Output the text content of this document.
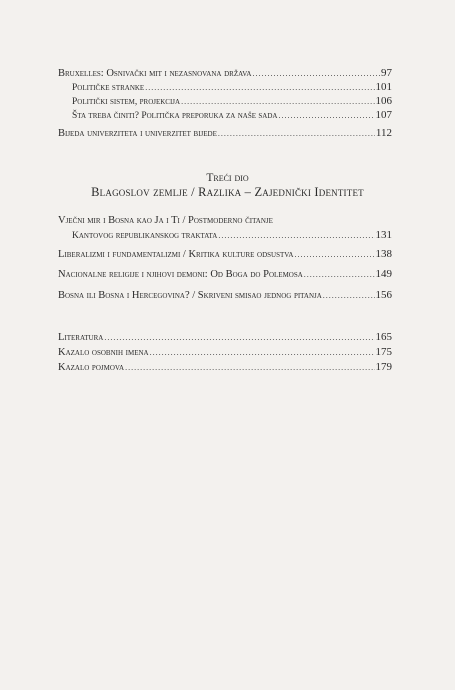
Bruxelles: Osnivački mit i nezasnovana država .....	97
Političke stranke .....	101
Politički sistem, projekcija .....	106
Šta treba činiti? Politička preporuka za naše sada .....	107
Bijeda univerziteta i univerzitet bijede .....	112
Treći dio
Blagoslov zemlje / Razlika – Zajednički Identitet
Vječni mir i Bosna kao Ja i Ti / Postmoderno čitanje
Kantovog republikanskog traktata .....	131
Liberalizmi i fundamentalizmi / Kritika kulture odsustva .....	138
Nacionalne religije i njihovi demoni: Od Boga do Polemosa .....	149
Bosna ili Bosna i Hercegovina? / Skriveni smisao jednog pitanja .....	156
Literatura .....	165
Kazalo osobnih imena .....	175
Kazalo pojmova .....	179
